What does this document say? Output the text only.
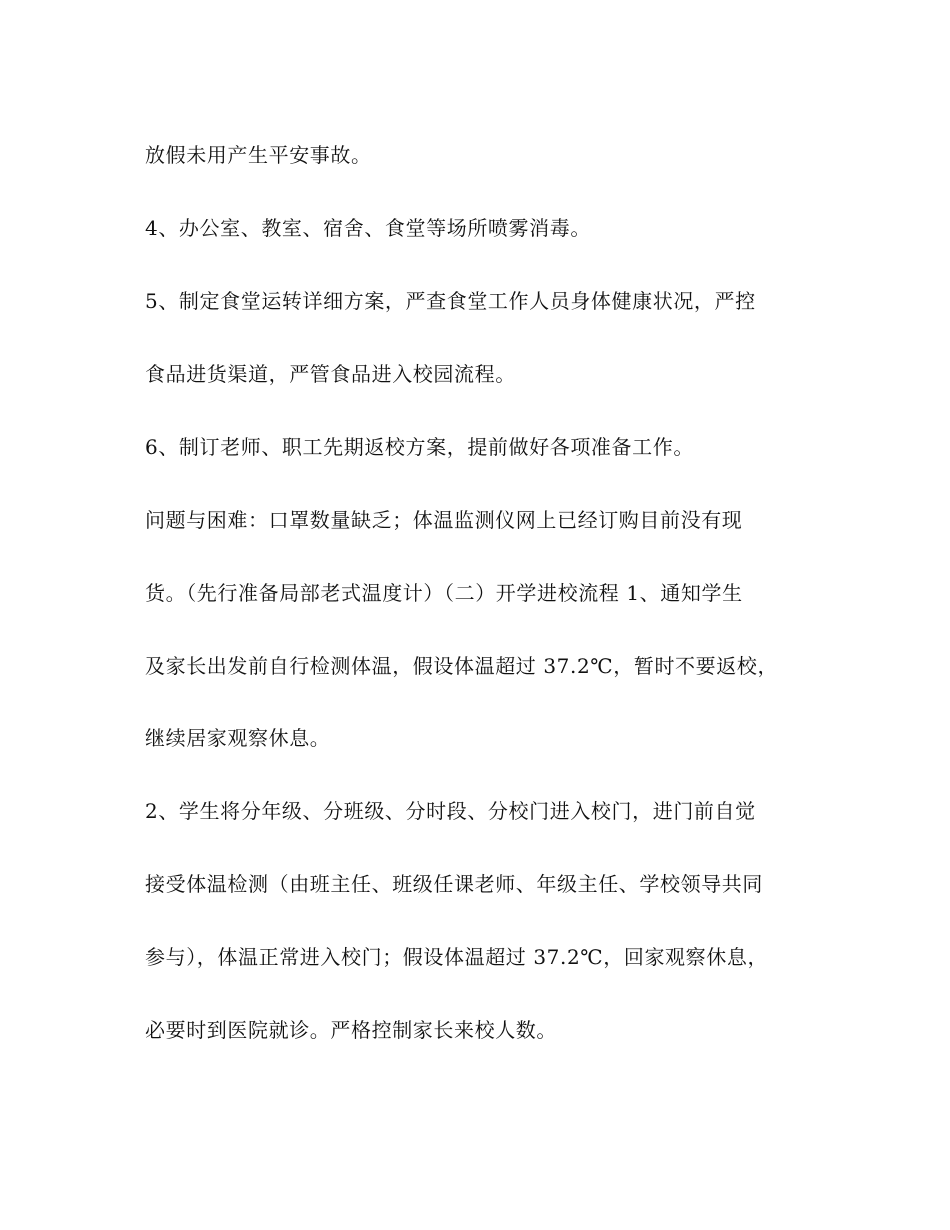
放假未用产生平安事故。
4、办公室、教室、宿舍、食堂等场所喷雾消毒。
5、制定食堂运转详细方案，严查食堂工作人员身体健康状况，严控
食品进货渠道，严管食品进入校园流程。
6、制订老师、职工先期返校方案，提前做好各项准备工作。
问题与困难：口罩数量缺乏；体温监测仪网上已经订购目前没有现
货。（先行准备局部老式温度计）（二）开学进校流程 1、通知学生
及家长出发前自行检测体温，假设体温超过 37.2℃，暂时不要返校，
继续居家观察休息。
2、学生将分年级、分班级、分时段、分校门进入校门，进门前自觉
接受体温检测（由班主任、班级任课老师、年级主任、学校领导共同
参与），体温正常进入校门；假设体温超过 37.2℃，回家观察休息，
必要时到医院就诊。严格控制家长来校人数。
